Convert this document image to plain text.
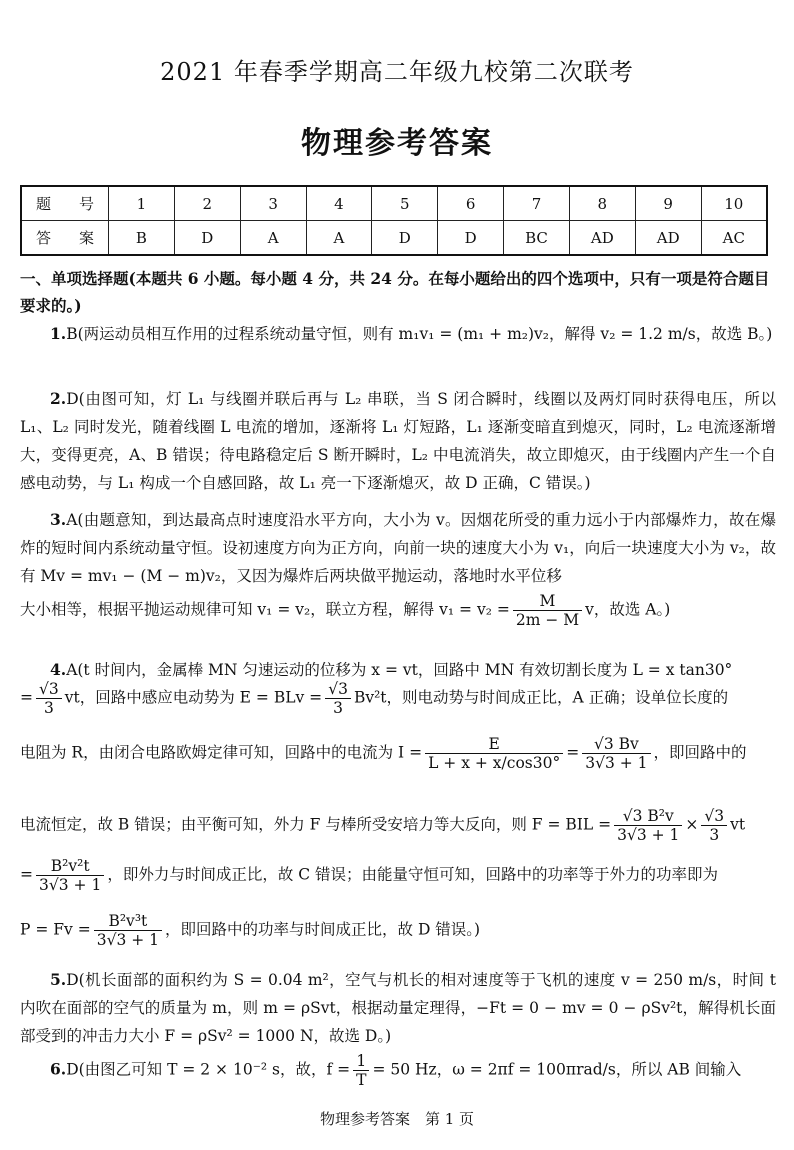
2021 年春季学期高二年级九校第二次联考
物理参考答案
题号	1	2	3	4	5	6	7	8	9	10
答案	B	D	A	A	D	D	BC	AD	AD	AC
一、单项选择题(本题共 6 小题。每小题 4 分，共 24 分。在每小题给出的四个选项中，只有一项是符合题目要求的。)
1.B(两运动员相互作用的过程系统动量守恒，则有 m₁v₁ = (m₁ + m₂)v₂，解得 v₂ = 1.2 m/s，故选 B。)
2.D(由图可知，灯 L₁ 与线圈并联后再与 L₂ 串联，当 S 闭合瞬时，线圈以及两灯同时获得电压，所以 L₁、L₂ 同时发光，随着线圈 L 电流的增加，逐渐将 L₁ 灯短路，L₁ 逐渐变暗直到熄灭，同时，L₂ 电流逐渐增大，变得更亮，A、B 错误；待电路稳定后 S 断开瞬时，L₂ 中电流消失，故立即熄灭，由于线圈内产生一个自感电动势，与 L₁ 构成一个自感回路，故 L₁ 亮一下逐渐熄灭，故 D 正确，C 错误。)
3.A(由题意知，到达最高点时速度沿水平方向，大小为 v。因烟花所受的重力远小于内部爆炸力，故在爆炸的短时间内系统动量守恒。设初速度方向为正方向，向前一块的速度大小为 v₁，向后一块速度大小为 v₂，故有 Mv = mv₁ − (M − m)v₂，又因为爆炸后两块做平抛运动，落地时水平位移
大小相等，根据平抛运动规律可知 v₁ = v₂，联立方程，解得 $v_1 = v_2 = \frac{M}{2m - M}$ v，故选 A。)
4.A(t 时间内，金属棒 MN 匀速运动的位移为 x = vt，回路中 MN 有效切割长度为 L = x tan30°
= $\frac{√3}{3}$ vt，回路中感应电动势为 E = BLv = $\frac{√3}{3} Bv^2t$，则电动势与时间成正比，A 正确；设单位长度的
电阻为 R，由闭合电路欧姆定律可知，回路中的电流为 $I = \frac{E}{L + x + x/\cos 30^\circ} = \frac{√3 Bv}{3√3 + 1}$ ，即回路中的
电流恒定，故 B 错误；由平衡可知，外力 F 与棒所受安培力等大反向，则 F = BIL = $\frac{\text{√3 B²v}}{3√3 + 1} \times \frac{√3}{3}$ vt
= $\frac{\text{B²v²t}}{3√3 + 1}$ ，即外力与时间成正比，故 C 错误；由能量守恒可知，回路中的功率等于外力的功率即为
$P = Fv = \frac{\text{B²v³t}}{3√3 + 1}$ ，即回路中的功率与时间成正比，故 D 错误。)
5.D(机长面部的面积约为 S = 0.04 m²，空气与机长的相对速度等于飞机的速度 v = 250 m/s，时间 t 内吹在面部的空气的质量为 m，则 m = ρSvt，根据动量定理得，−Ft = 0 − mv = 0 − ρSv²t，解得机长面部受到的冲击力大小 F = ρSv² = 1000 N，故选 D。)
6.D(由图乙可知 T = 2 × 10⁻² s，故，$f = \frac{1}{T} = 50$ Hz，ω = 2πf = 100πrad/s，所以 AB 间输入
物理参考答案　第 1 页
